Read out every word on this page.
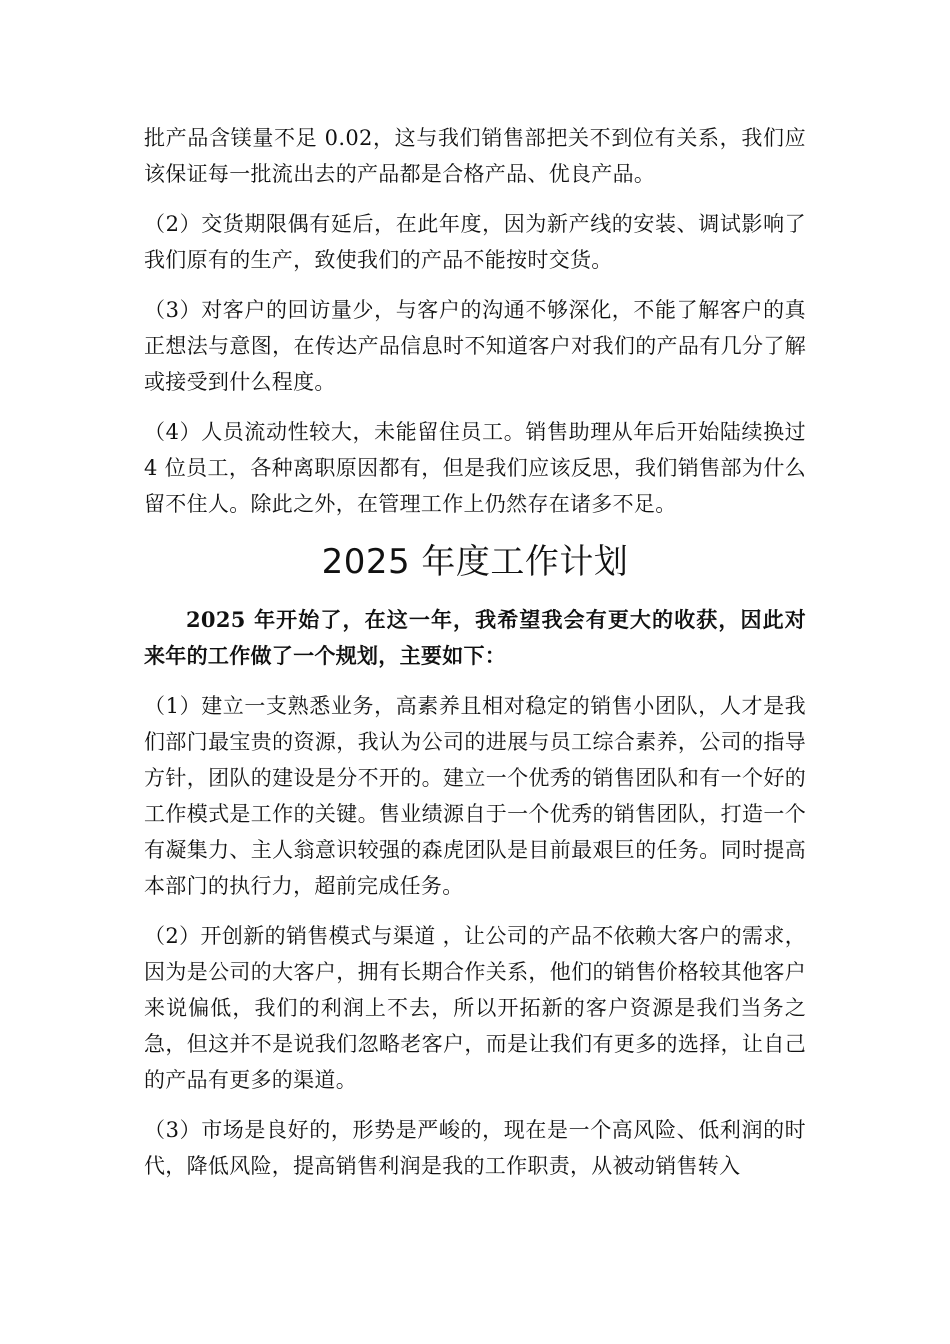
批产品含镁量不足 0.02，这与我们销售部把关不到位有关系，我们应该保证每一批流出去的产品都是合格产品、优良产品。

（2）交货期限偶有延后，在此年度，因为新产线的安装、调试影响了我们原有的生产，致使我们的产品不能按时交货。

（3）对客户的回访量少，与客户的沟通不够深化，不能了解客户的真正想法与意图，在传达产品信息时不知道客户对我们的产品有几分了解或接受到什么程度。

（4）人员流动性较大，未能留住员工。销售助理从年后开始陆续换过 4 位员工，各种离职原因都有，但是我们应该反思，我们销售部为什么留不住人。除此之外，在管理工作上仍然存在诸多不足。

2025 年度工作计划

2025 年开始了，在这一年，我希望我会有更大的收获，因此对来年的工作做了一个规划，主要如下：

（1）建立一支熟悉业务，高素养且相对稳定的销售小团队，人才是我们部门最宝贵的资源，我认为公司的进展与员工综合素养，公司的指导方针，团队的建设是分不开的。建立一个优秀的销售团队和有一个好的工作模式是工作的关键。售业绩源自于一个优秀的销售团队，打造一个有凝集力、主人翁意识较强的森虎团队是目前最艰巨的任务。同时提高本部门的执行力，超前完成任务。

（2）开创新的销售模式与渠道 ，让公司的产品不依赖大客户的需求，因为是公司的大客户，拥有长期合作关系，他们的销售价格较其他客户来说偏低，我们的利润上不去，所以开拓新的客户资源是我们当务之急，但这并不是说我们忽略老客户，而是让我们有更多的选择，让自己的产品有更多的渠道。

（3）市场是良好的，形势是严峻的，现在是一个高风险、低利润的时代，降低风险，提高销售利润是我的工作职责，从被动销售转入
